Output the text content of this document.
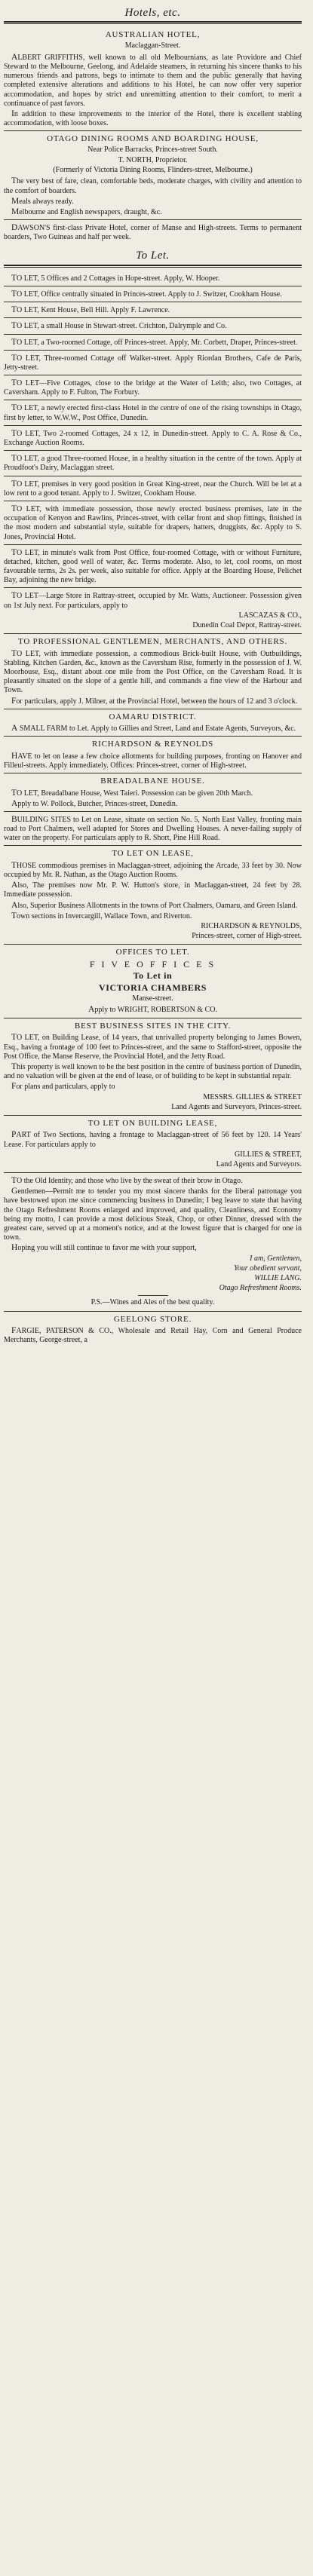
Hotels, etc.
AUSTRALIAN HOTEL,
Maclaggan-Street.

ALBERT GRIFFITHS, well known to all old Melbournians, as late Providore and Chief Steward to the Melbourne, Geelong, and Adelaide steamers, in returning his sincere thanks to his numerous friends and patrons, begs to intimate to them and the public generally that having completed extensive alterations and additions to his Hotel, he can now offer very superior accommodation, and hopes by strict and unremitting attention to their comfort, to merit a continuance of past favors.

In addition to these improvements to the interior of the Hotel, there is excellent stabling accommodation, with loose boxes.

OTAGO DINING ROOMS AND BOARDING HOUSE,
Near Police Barracks, Princes-street South.
T. NORTH, Proprietor.
(Formerly of Victoria Dining Rooms, Flinders-street, Melbourne.)

The very best of fare, clean, comfortable beds, moderate charges, with civility and attention to the comfort of boarders.

Meals always ready.

Melbourne and English newspapers, draught, &c.

DAWSON'S first-class Private Hotel, corner of Manse and High-streets. Terms to permanent boarders, Two Guineas and half per week.

To Let.

TO LET, 5 Offices and 2 Cottages in Hope-street. Apply, W. Hooper.

TO LET, Office centrally situated in Princes-street. Apply to J. Switzer, Cookham House.

TO LET, Kent House, Bell Hill. Apply F. Lawrence.

TO LET, a small House in Stewart-street. Crichton, Dalrymple and Co.

TO LET, a Two-roomed Cottage, off Princes-street. Apply, Mr. Corbett, Draper, Princes-street.

TO LET, Three-roomed Cottage off Walker-street. Apply Riordan Brothers, Cafe de Paris, Jetty-street.

TO LET—Five Cottages, close to the bridge at the Water of Leith; also, two Cottages, at Caversham. Apply to F. Fulton, The Forbury.

TO LET, a newly erected first-class Hotel in the centre of one of the rising townships in Otago, first by letter, to W.W.W., Post Office, Dunedin.

TO LET, Two 2-roomed Cottages, 24 x 12, in Dunedin-street. Apply to C. A. Rose & Co., Exchange Auction Rooms.

TO LET, a good Three-roomed House, in a healthy situation in the centre of the town. Apply at Proudfoot's Dairy, Maclaggan street.

TO LET, premises in very good position in Great King-street, near the Church. Will be let at a low rent to a good tenant. Apply to J. Switzer, Cookham House.

TO LET, with immediate possession, those newly erected business premises, late in the occupation of Kenyon and Rawlins, Princes-street, with cellar front and shop fittings, finished in the most modern and substantial style, suitable for drapers, hatters, druggists, &c. Apply to S. Jones, Provincial Hotel.

TO LET, in minute's walk from Post Office, four-roomed Cottage, with or without Furniture, detached, kitchen, good well of water, &c. Terms moderate. Also, to let, cool rooms, on most favourable terms, 2s 2s. per week, also suitable for office. Apply at the Boarding House, Pelichet Bay, adjoining the new bridge.

TO LET—Large Store in Rattray-street, occupied by Mr. Watts, Auctioneer. Possession given on 1st July next. For particulars, apply to

LASCAZAS & CO.,
Dunedin Coal Depot, Rattray-street.
TO PROFESSIONAL GENTLEMEN, MERCHANTS, AND OTHERS.

TO LET, with immediate possession, a commodious Brick-built House, with Outbuildings, Stabling, Kitchen Garden, &c., known as the Caversham Rise, formerly in the possession of J. W. Moorhouse, Esq., distant about one mile from the Post Office, on the Caversham Road. It is pleasantly situated on the slope of a gentle hill, and commands a fine view of the Harbour and Town.

For particulars, apply J. Milner, at the Provincial Hotel, between the hours of 12 and 3 o'clock.

OAMARU DISTRICT.

A SMALL FARM to Let. Apply to Gillies and Street, Land and Estate Agents, Surveyors, &c.

RICHARDSON & REYNOLDS

HAVE to let on lease a few choice allotments for building purposes, fronting on Hanover and Filleul-streets. Apply immediately. Offices: Princes-street, corner of High-street.

BREADALBANE HOUSE.

TO LET, Breadalbane House, West Taieri. Possession can be given 20th March.

Apply to W. Pollock, Butcher, Princes-street, Dunedin.

BUILDING SITES to Let on Lease, situate on section No. 5, North East Valley, fronting main road to Port Chalmers, well adapted for Stores and Dwelling Houses. A never-failing supply of water on the property. For particulars apply to R. Short, Pine Hill Road.

TO LET ON LEASE,

THOSE commodious premises in Maclaggan-street, adjoining the Arcade, 33 feet by 30. Now occupied by Mr. R. Nathan, as the Otago Auction Rooms.

Also, The premises now Mr. P. W. Hutton's store, in Maclaggan-street, 24 feet by 28. Immediate possession.

Also, Superior Business Allotments in the towns of Port Chalmers, Oamaru, and Green Island.

Town sections in Invercargill, Wallace Town, and Riverton.

RICHARDSON & REYNOLDS,
Princes-street, corner of High-street.
OFFICES TO LET.
F I V E O F F I C E S
To Let in
VICTORIA CHAMBERS
Manse-street.

Apply to WRIGHT, ROBERTSON & CO.

BEST BUSINESS SITES IN THE CITY.

TO LET, on Building Lease, of 14 years, that unrivalled property belonging to James Bowen, Esq., having a frontage of 100 feet to Princes-street, and the same to Stafford-street, opposite the Post Office, the Manse Reserve, the Provincial Hotel, and the Jetty Road.

This property is well known to be the best position in the centre of business portion of Dunedin, and no valuation will be given at the end of lease, or of building to be kept in substantial repair.

For plans and particulars, apply to

MESSRS. GILLIES & STREET
Land Agents and Surveyors, Princes-street.
TO LET ON BUILDING LEASE,

PART of Two Sections, having a frontage to Maclaggan-street of 56 feet by 120. 14 Years' Lease. For particulars apply to

GILLIES & STREET,
Land Agents and Surveyors.

TO the Old Identity, and those who live by the sweat of their brow in Otago.

Gentlemen—Permit me to tender you my most sincere thanks for the liberal patronage you have bestowed upon me since commencing business in Dunedin; I beg leave to state that having the Otago Refreshment Rooms enlarged and improved, and quality, Cleanliness, and Economy being my motto, I can provide a most delicious Steak, Chop, or other Dinner, dressed with the greatest care, served up at a moment's notice, and at the lowest figure that is charged for one in town.

Hoping you will still continue to favor me with your support,

I am, Gentlemen,
Your obedient servant,
WILLIE LANG.
Otago Refreshment Rooms.
P.S.—Wines and Ales of the best quality.
GEELONG STORE.

FARGIE, PATERSON & CO., Wholesale and Retail Hay, Corn and General Produce Merchants, George-street, a
